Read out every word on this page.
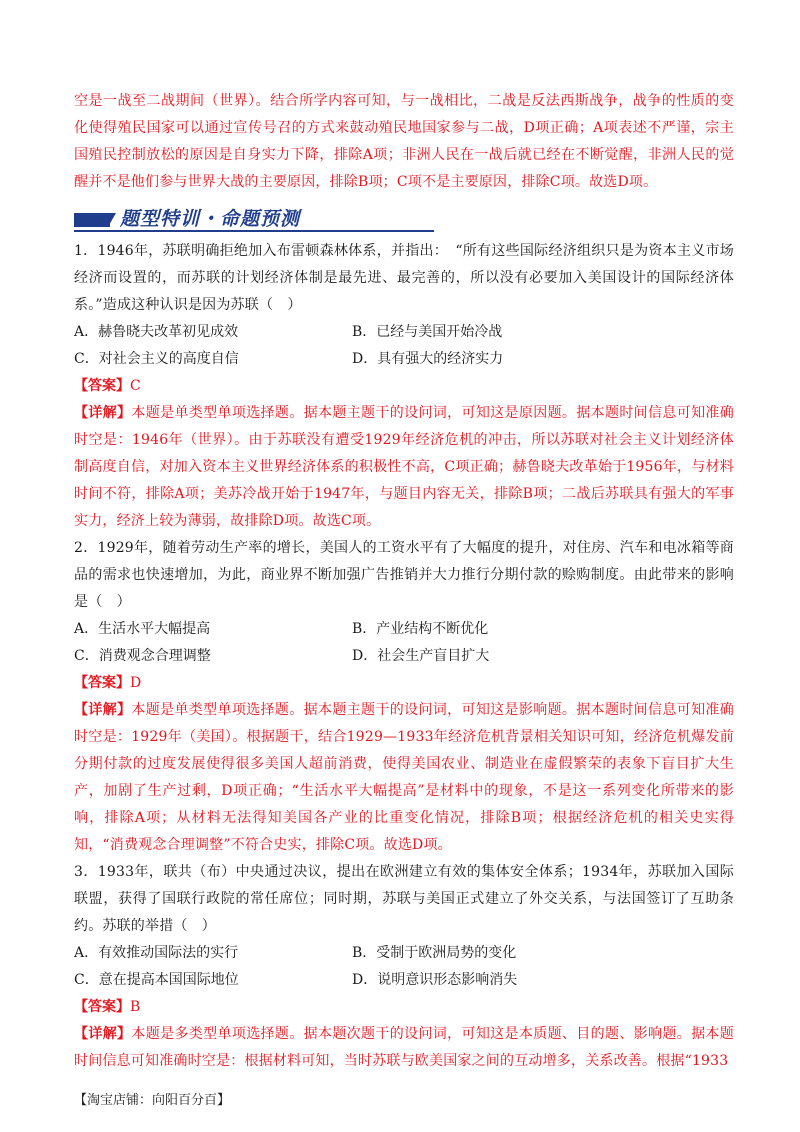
空是一战至二战期间（世界）。结合所学内容可知，与一战相比，二战是反法西斯战争，战争的性质的变化使得殖民国家可以通过宣传号召的方式来鼓动殖民地国家参与二战，D项正确；A项表述不严谨，宗主国殖民控制放松的原因是自身实力下降，排除A项；非洲人民在一战后就已经在不断觉醒，非洲人民的觉醒并不是他们参与世界大战的主要原因，排除B项；C项不是主要原因，排除C项。故选D项。

题型特训・命题预测

1．1946年，苏联明确拒绝加入布雷顿森林体系，并指出：　“所有这些国际经济组织只是为资本主义市场经济而设置的，而苏联的计划经济体制是最先进、最完善的，所以没有必要加入美国设计的国际经济体系。”造成这种认识是因为苏联（　）

A．赫鲁晓夫改革初见成效	B．已经与美国开始冷战
C．对社会主义的高度自信	D．具有强大的经济实力
【答案】C

【详解】本题是单类型单项选择题。据本题主题干的设问词，可知这是原因题。据本题时间信息可知准确时空是：1946年（世界）。由于苏联没有遭受1929年经济危机的冲击，所以苏联对社会主义计划经济体制高度自信，对加入资本主义世界经济体系的积极性不高，C项正确；赫鲁晓夫改革始于1956年，与材料时间不符，排除A项；美苏冷战开始于1947年，与题目内容无关，排除B项；二战后苏联具有强大的军事实力，经济上较为薄弱，故排除D项。故选C项。

2．1929年，随着劳动生产率的增长，美国人的工资水平有了大幅度的提升，对住房、汽车和电冰箱等商品的需求也快速增加，为此，商业界不断加强广告推销并大力推行分期付款的赊购制度。由此带来的影响是（　）

A．生活水平大幅提高	B．产业结构不断优化
C．消费观念合理调整	D．社会生产盲目扩大
【答案】D

【详解】本题是单类型单项选择题。据本题主题干的设问词，可知这是影响题。据本题时间信息可知准确时空是：1929年（美国）。根据题干，结合1929—1933年经济危机背景相关知识可知，经济危机爆发前分期付款的过度发展使得很多美国人超前消费，使得美国农业、制造业在虚假繁荣的表象下盲目扩大生产，加剧了生产过剩，D项正确；“生活水平大幅提高”是材料中的现象，不是这一系列变化所带来的影响，排除A项；从材料无法得知美国各产业的比重变化情况，排除B项；根据经济危机的相关史实得知，“消费观念合理调整”不符合史实，排除C项。故选D项。

3．1933年，联共（布）中央通过决议，提出在欧洲建立有效的集体安全体系；1934年，苏联加入国际联盟，获得了国联行政院的常任席位；同时期，苏联与美国正式建立了外交关系，与法国签订了互助条约。苏联的举措（　）

A．有效推动国际法的实行	B．受制于欧洲局势的变化
C．意在提高本国国际地位	D．说明意识形态影响消失
【答案】B

【详解】本题是多类型单项选择题。据本题次题干的设问词，可知这是本质题、目的题、影响题。据本题时间信息可知准确时空是：根据材料可知，当时苏联与欧美国家之间的互动增多，关系改善。根据“1933

【淘宝店铺：向阳百分百】
